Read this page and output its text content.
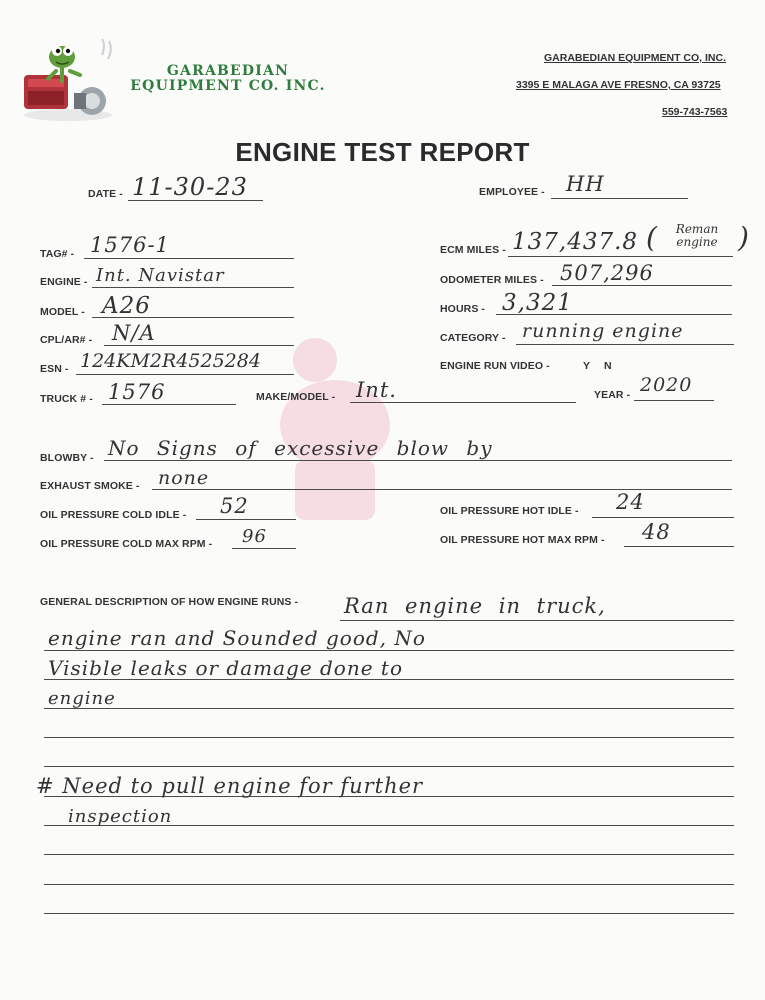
GARABEDIAN
EQUIPMENT CO. INC.
GARABEDIAN EQUIPMENT CO, INC.
3395 E MALAGA AVE FRESNO, CA 93725
559-743-7563
ENGINE TEST REPORT
DATE - 11-30-23	EMPLOYEE - HH
TAG# - 1576-1	ECM MILES - 137,437.8 (	Reman
engine )
ENGINE - Int. Navistar	ODOMETER MILES - 507,296
MODEL - A26	HOURS - 3,321
CPL/AR# - N/A	CATEGORY - running engine
ESN - 124KM2R4525284	ENGINE RUN VIDEO -	Y N
TRUCK # - 1576	MAKE/MODEL - Int.	YEAR - 2020
BLOWBY - No Signs of excessive blow by
EXHAUST SMOKE - none
OIL PRESSURE COLD IDLE - 52	OIL PRESSURE HOT IDLE - 24
OIL PRESSURE COLD MAX RPM - 96	OIL PRESSURE HOT MAX RPM - 48
GENERAL DESCRIPTION OF HOW ENGINE RUNS - Ran engine in truck,
engine ran and Sounded good, No
Visible leaks or damage done to
engine
# Need to pull engine for further
inspection
